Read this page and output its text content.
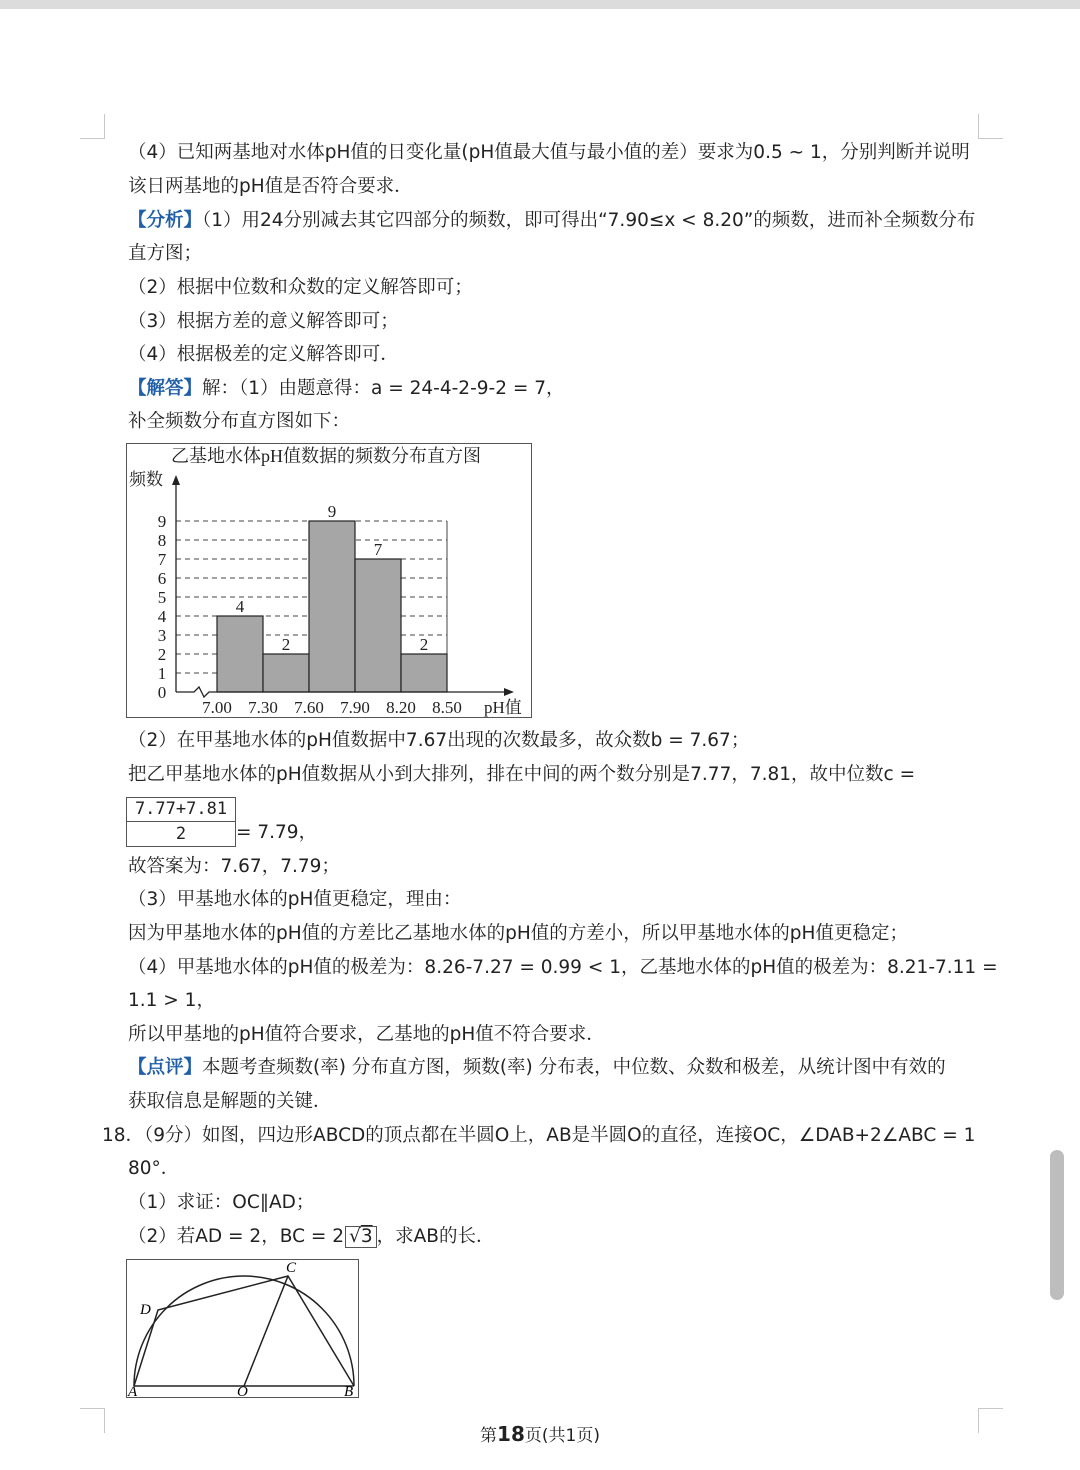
（4）已知两基地对水体pH值的日变化量(pH值最大值与最小值的差）要求为0.5 ~ 1，分别判断并说明
该日两基地的pH值是否符合要求．
【分析】（1）用24分别减去其它四部分的频数，即可得出“7.90≤x < 8.20”的频数，进而补全频数分布
直方图；
（2）根据中位数和众数的定义解答即可；
（3）根据方差的意义解答即可；
（4）根据极差的定义解答即可．
【解答】解：（1）由题意得：a = 24-4-2-9-2 = 7，
补全频数分布直方图如下：
4
2
9
7
2
0
1
2
3
4
5
6
7
8
9
7.00 7.30 7.60 7.90 8.20 8.50
乙基地水体pH值数据的频数分布直方图
频数
pH值
（2）在甲基地水体的pH值数据中7.67出现的次数最多，故众数b = 7.67；
把乙甲基地水体的pH值数据从小到大排列，排在中间的两个数分别是7.77，7.81，故中位数c =
$\frac{7.77+7.81}{2} = 7.79$，
故答案为：7.67，7.79；
（3）甲基地水体的pH值更稳定，理由：
因为甲基地水体的pH值的方差比乙基地水体的pH值的方差小，所以甲基地水体的pH值更稳定；
（4）甲基地水体的pH值的极差为：8.26-7.27 = 0.99 < 1，乙基地水体的pH值的极差为：8.21-7.11 =
1.1 > 1，
所以甲基地的pH值符合要求，乙基地的pH值不符合要求．
【点评】本题考查频数(率) 分布直方图，频数(率) 分布表，中位数、众数和极差，从统计图中有效的
获取信息是解题的关键．
18．（9分）如图，四边形ABCD的顶点都在半圆O上，AB是半圆O的直径，连接OC，∠DAB+2∠ABC = 1
80°．
（1）求证：OC∥AD；
（2）若AD = 2，BC = 2 √3 ，求AB的长．
A	O	B
C
D
第18页(共1页)
